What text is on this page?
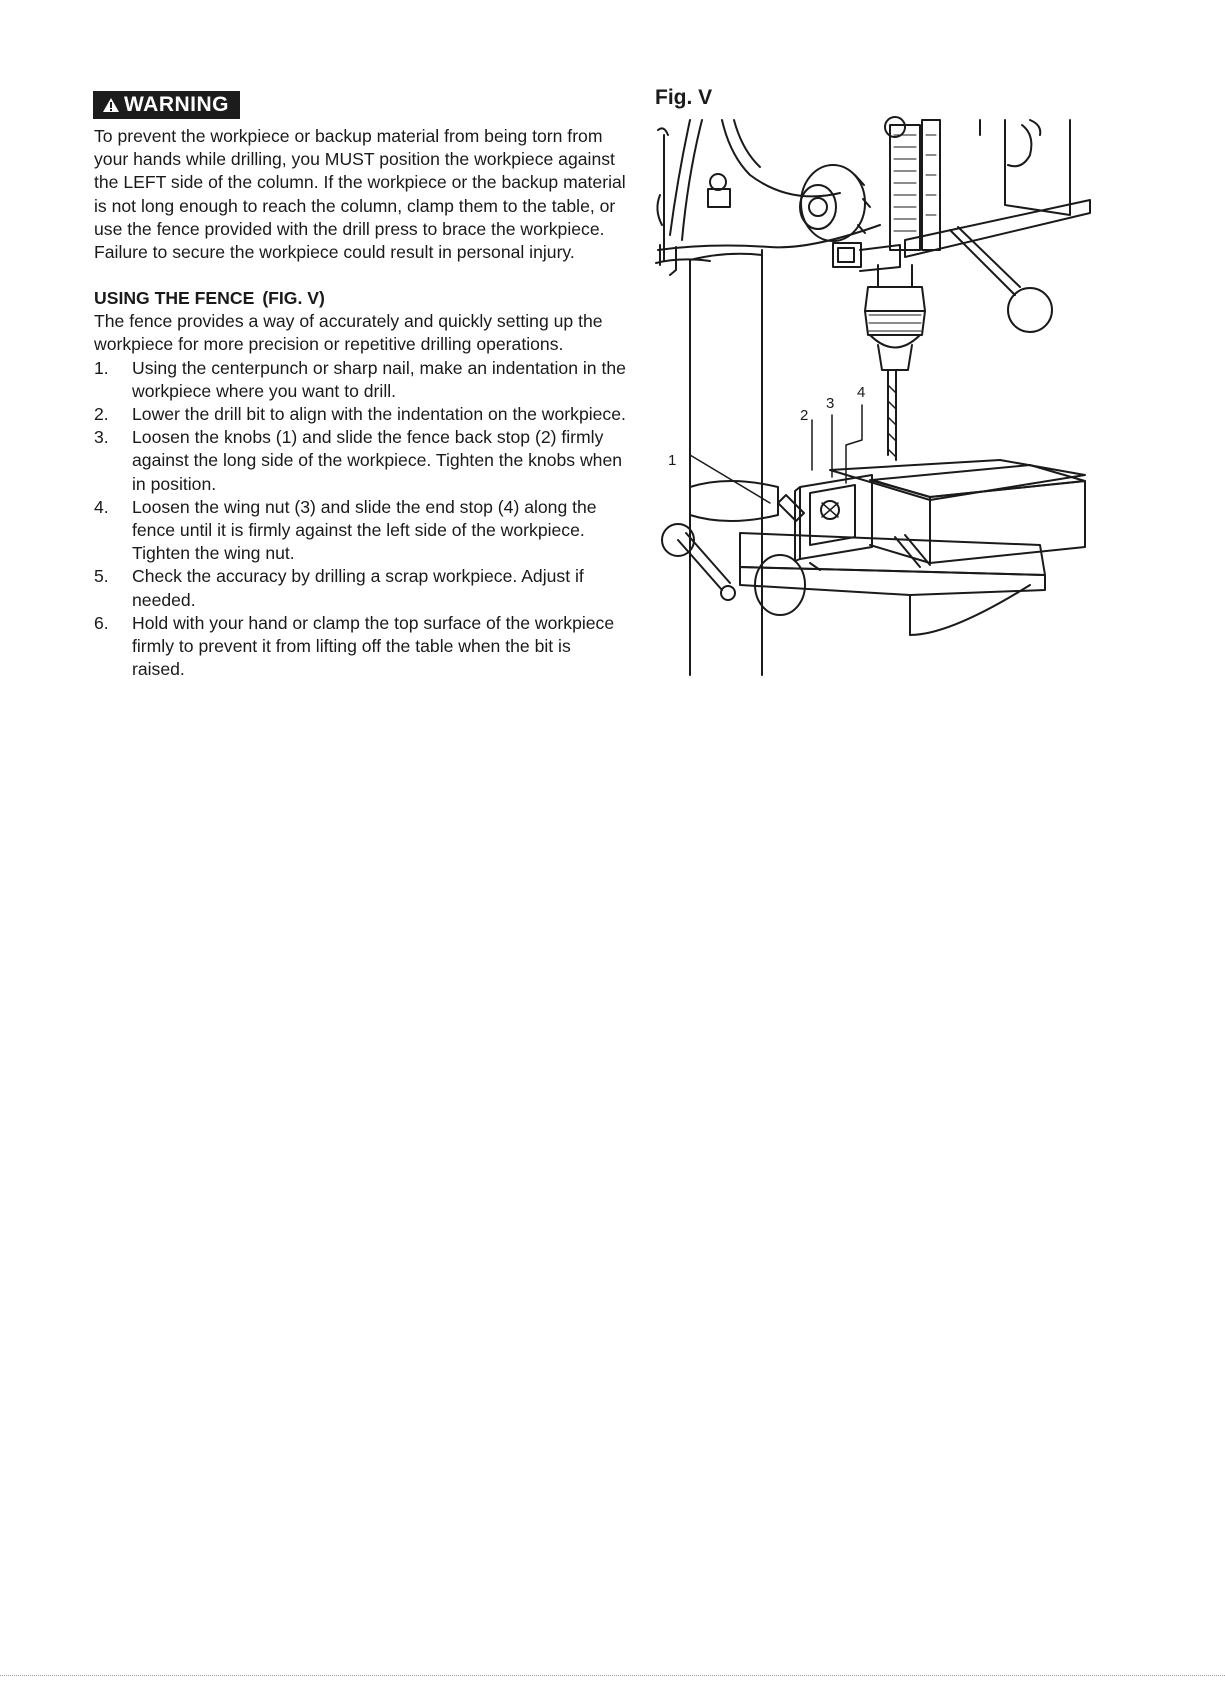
WARNING

To prevent the workpiece or backup material from being torn from your hands while drilling, you MUST position the workpiece against the LEFT side of the column. If the workpiece or the backup material is not long enough to reach the column, clamp them to the table, or use the fence provided with the drill press to brace the workpiece. Failure to secure the workpiece could result in personal injury.

USING THE FENCE (FIG. V)

The fence provides a way of accurately and quickly setting up the workpiece for more precision or repetitive drilling operations.

1.	Using the centerpunch or sharp nail, make an indentation in the workpiece where you want to drill.
2.	Lower the drill bit to align with the indentation on the workpiece.
3.	Loosen the knobs (1) and slide the fence back stop (2) firmly against the long side of the workpiece. Tighten the knobs when in position.
4.	Loosen the wing nut (3) and slide the end stop (4) along the fence until it is firmly against the left side of the workpiece. Tighten the wing nut.
5.	Check the accuracy by drilling a scrap workpiece. Adjust if needed.
6.	Hold with your hand or clamp the top surface of the workpiece firmly to prevent it from lifting off the table when the bit is raised.
Fig. V
1
2
3
4
